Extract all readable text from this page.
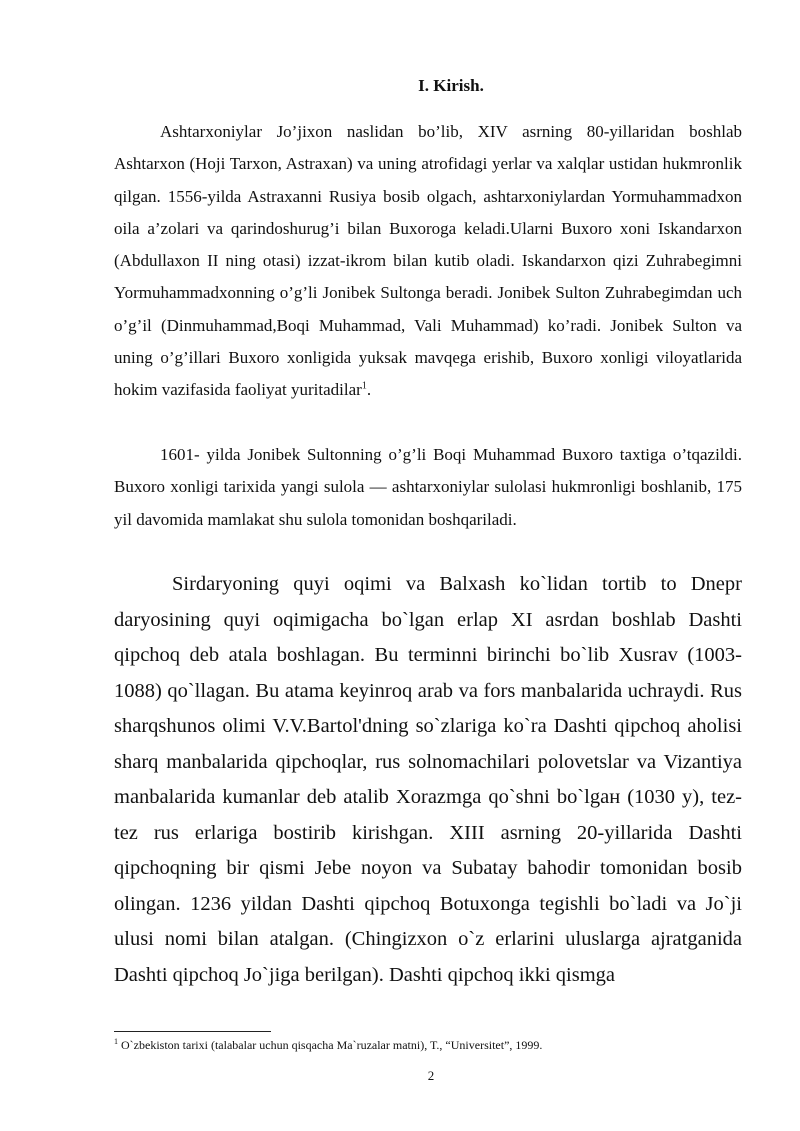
I. Kirish.

Ashtarxoniylar Jo’jixon naslidan bo’lib, XIV asrning 80-yillaridan boshlab Ashtarxon (Hoji Tarxon, Astraxan) va uning atrofidagi yerlar va xalqlar ustidan hukmronlik qilgan. 1556-yilda Astraxanni Rusiya bosib olgach, ashtarxoniylardan Yormuhammadxon oila a’zolari va qarindoshurug’i bilan Buxoroga keladi.Ularni Buxoro xoni Iskandarxon (Abdullaxon II ning otasi) izzat-ikrom bilan kutib oladi. Iskandarxon qizi Zuhrabegimni Yormuhammadxonning o’g’li Jonibek Sultonga beradi. Jonibek Sulton Zuhrabegimdan uch o’g’il (Dinmuhammad,Boqi Muhammad, Vali Muhammad) ko’radi. Jonibek Sulton va uning o’g’illari Buxoro xonligida yuksak mavqega erishib, Buxoro xonligi viloyatlarida hokim vazifasida faoliyat yuritadilar$^1$.

1601- yilda Jonibek Sultonning o’g’li Boqi Muhammad Buxoro taxtiga o’tqazildi. Buxoro xonligi tarixida yangi sulola — ashtarxoniylar sulolasi hukmronligi boshlanib, 175 yil davomida mamlakat shu sulola tomonidan boshqariladi.

Sirdaryoning quyi oqimi va Balxash ko`lidan tortib to Dnepr daryosining quyi oqimigacha bo`lgan erlap XI asrdan boshlab Dashti qipchoq deb atala boshlagan. Bu terminni birinchi bo`lib Xusrav (1003-1088) qo`llagan. Bu atama keyinroq arab va fors manbalarida uchraydi. Rus sharqshunos olimi V.V.Bartol'dning so`zlariga ko`ra Dashti qipchoq aholisi sharq manbalarida qipchoqlar, rus solnomachilari polovetslar va Vizantiya manbalarida kumanlar deb atalib Xorazmga qo`shni bo`lgaн (1030 y), tez-tez rus erlariga bostirib kirishgan. XIII asrning 20-yillarida Dashti qipchoqning bir qismi Jebe noyon va Subatay bahodir tomonidan bosib olingan. 1236 yildan Dashti qipchoq Botuxonga tegishli bo`ladi va Jo`ji ulusi nomi bilan atalgan. (Chingizxon o`z erlarini uluslarga ajratganida Dashti qipchoq Jo`jiga berilgan). Dashti qipchoq ikki qismga

$^1$ O`zbekiston tarixi (talabalar uchun qisqacha Ma`ruzalar matni), T., “Universitet”, 1999.
2
